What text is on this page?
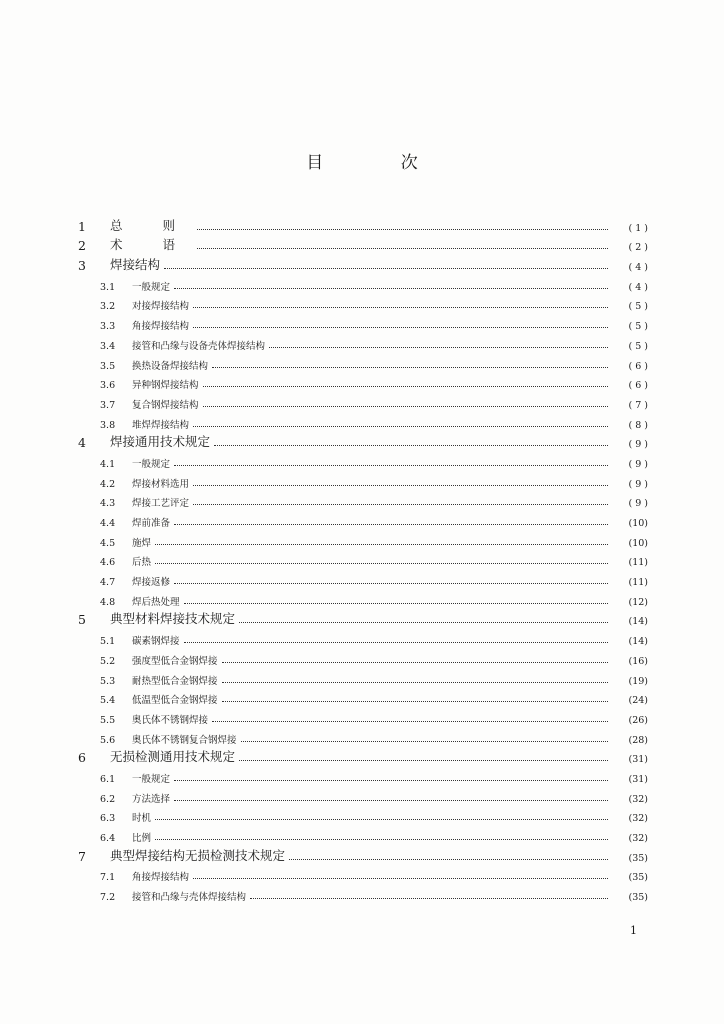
目 次
1	总 则	( 1 )
2	术 语	( 2 )
3	焊接结构	( 4 )
3.1	一般规定	( 4 )
3.2	对接焊接结构	( 5 )
3.3	角接焊接结构	( 5 )
3.4	接管和凸缘与设备壳体焊接结构	( 5 )
3.5	换热设备焊接结构	( 6 )
3.6	异种钢焊接结构	( 6 )
3.7	复合钢焊接结构	( 7 )
3.8	堆焊焊接结构	( 8 )
4	焊接通用技术规定	( 9 )
4.1	一般规定	( 9 )
4.2	焊接材料选用	( 9 )
4.3	焊接工艺评定	( 9 )
4.4	焊前准备	(10)
4.5	施焊	(10)
4.6	后热	(11)
4.7	焊接返修	(11)
4.8	焊后热处理	(12)
5	典型材料焊接技术规定	(14)
5.1	碳素钢焊接	(14)
5.2	强度型低合金钢焊接	(16)
5.3	耐热型低合金钢焊接	(19)
5.4	低温型低合金钢焊接	(24)
5.5	奥氏体不锈钢焊接	(26)
5.6	奥氏体不锈钢复合钢焊接	(28)
6	无损检测通用技术规定	(31)
6.1	一般规定	(31)
6.2	方法选择	(32)
6.3	时机	(32)
6.4	比例	(32)
7	典型焊接结构无损检测技术规定	(35)
7.1	角接焊接结构	(35)
7.2	接管和凸缘与壳体焊接结构	(35)
1
